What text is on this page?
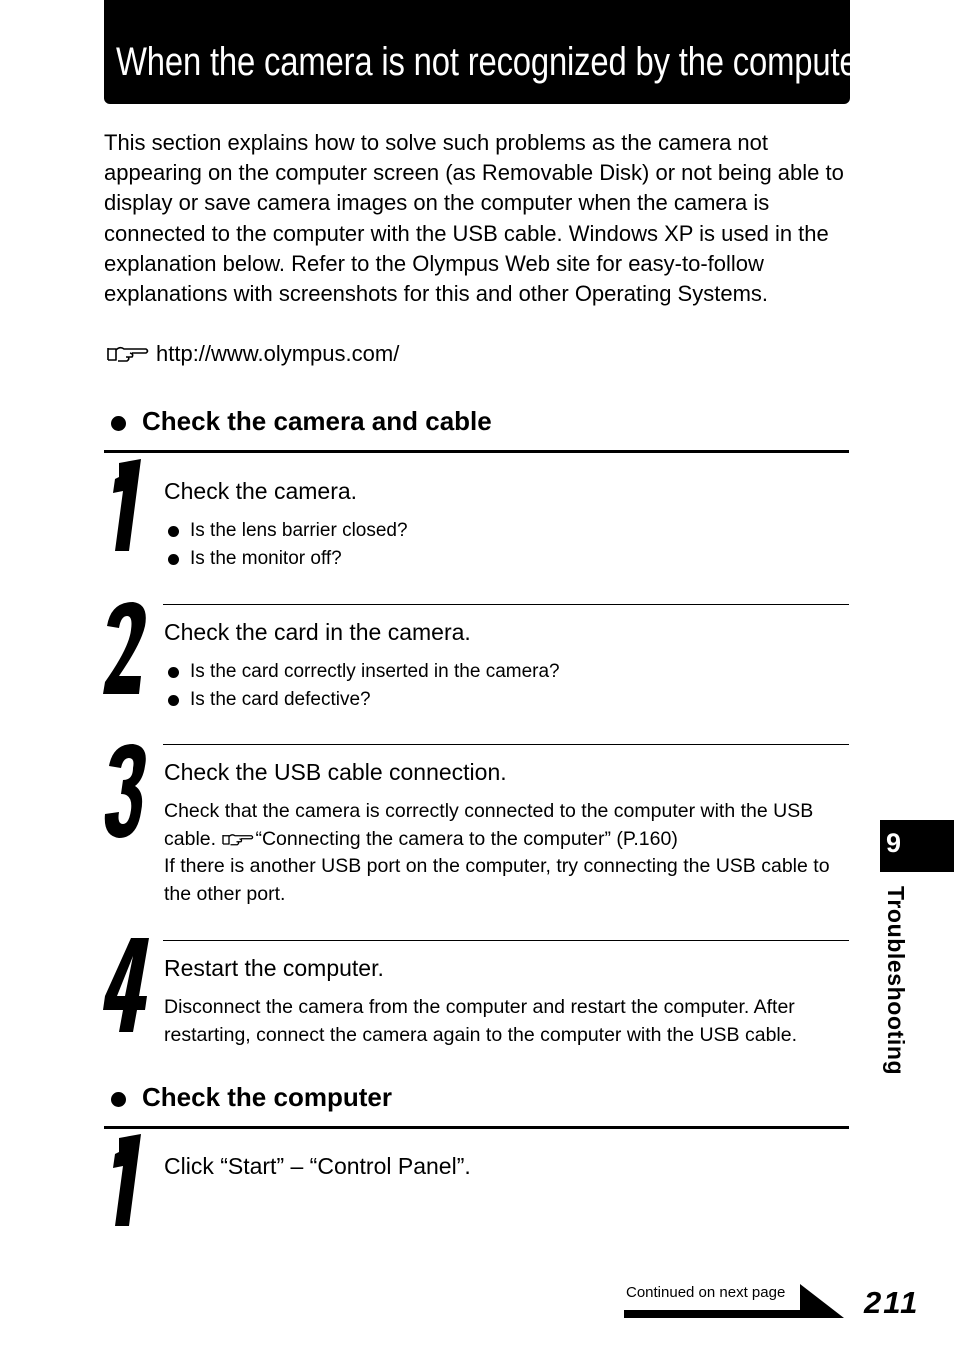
When the camera is not recognized by the computer

This section explains how to solve such problems as the camera not appearing on the computer screen (as Removable Disk) or not being able to display or save camera images on the computer when the camera is connected to the computer with the USB cable. Windows XP is used in the explanation below. Refer to the Olympus Web site for easy-to-follow explanations with screenshots for this and other Operating Systems.

http://www.olympus.com/
Check the camera and cable
Check the camera.
Is the lens barrier closed?
Is the monitor off?
Check the card in the camera.
Is the card correctly inserted in the camera?
Is the card defective?
Check the USB cable connection.

Check that the camera is correctly connected to the computer with the USB cable. “Connecting the camera to the computer” (P.160)
If there is another USB port on the computer, try connecting the USB cable to the other port.

Restart the computer.

Disconnect the camera from the computer and restart the computer. After restarting, connect the camera again to the computer with the USB cable.

Check the computer
Click “Start” – “Control Panel”.
9
Troubleshooting
Continued on next page	211
